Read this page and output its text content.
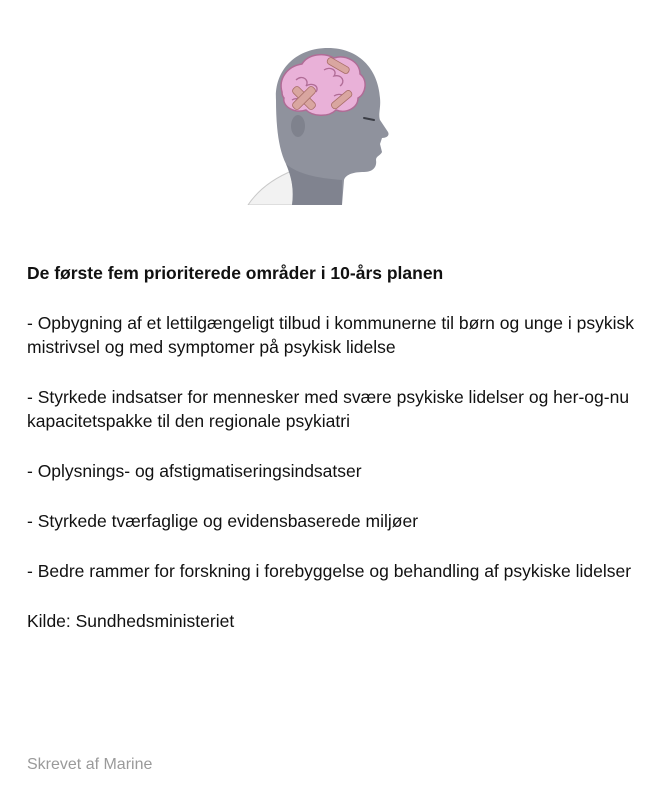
De første fem prioriterede områder i 10-års planen

- Opbygning af et lettilgængeligt tilbud i kommunerne til børn og unge i psykisk mistrivsel og med symptomer på psykisk lidelse

- Styrkede indsatser for mennesker med svære psykiske lidelser og her-og-nu kapacitetspakke til den regionale psykiatri

- Oplysnings- og afstigmatiseringsindsatser

- Styrkede tværfaglige og evidensbaserede miljøer

- Bedre rammer for forskning i forebyggelse og behandling af psykiske lidelser

Kilde: Sundhedsministeriet

Skrevet af Marine
